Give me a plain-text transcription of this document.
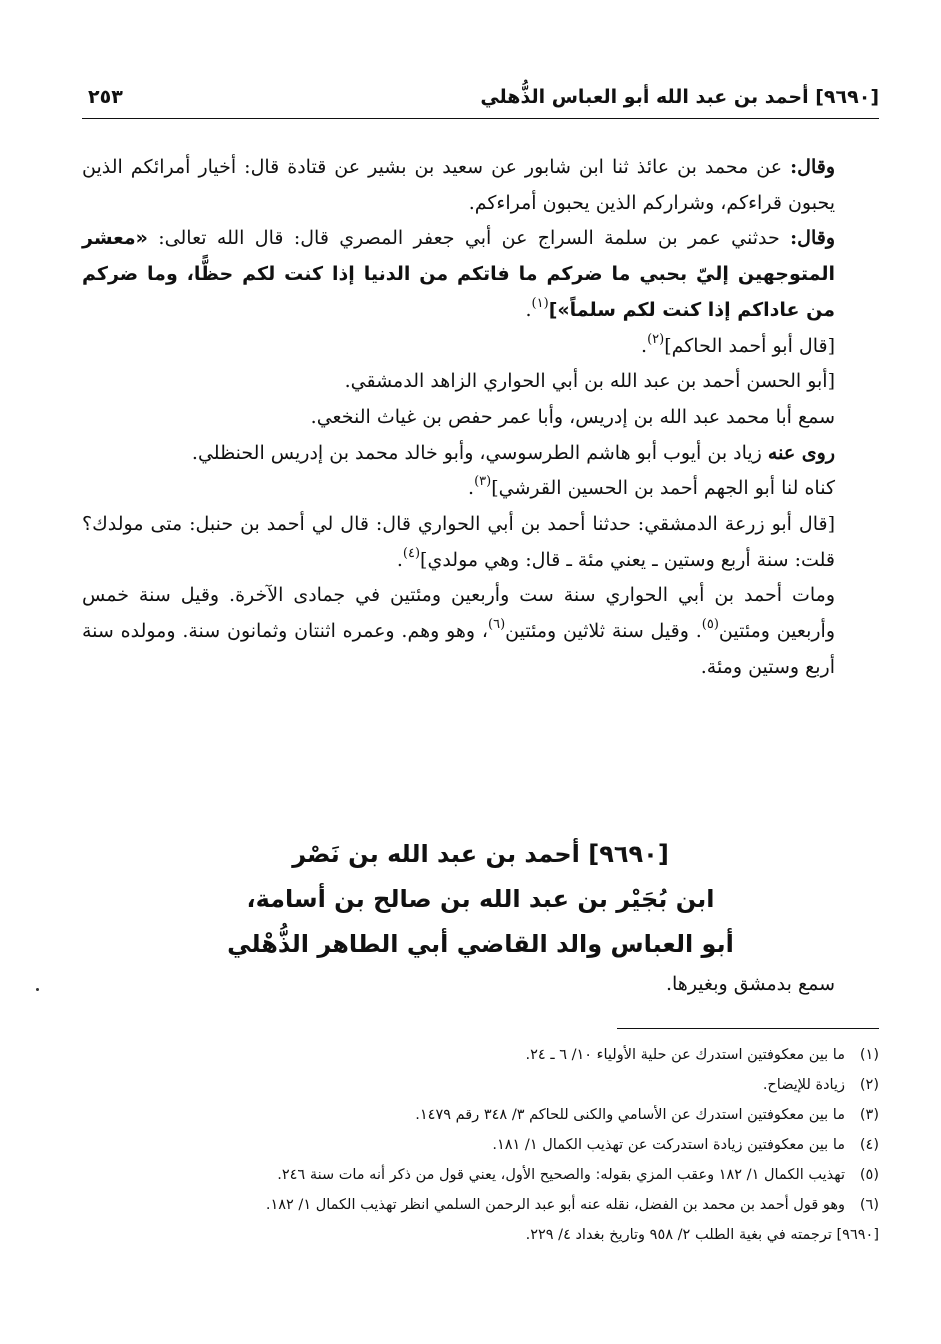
[٩٦٩٠] أحمد بن عبد الله أبو العباس الذُّهلي
٢٥٣

وقال: عن محمد بن عائذ ثنا ابن شابور عن سعيد بن بشير عن قتادة قال: أخيار أمرائكم الذين يحبون قراءكم، وشراركم الذين يحبون أمراءكم.

وقال: حدثني عمر بن سلمة السراج عن أبي جعفر المصري قال: قال الله تعالى: «معشر المتوجهين إليّ بحبي ما ضركم ما فاتكم من الدنيا إذا كنت لكم حظًّا، وما ضركم من عاداكم إذا كنت لكم سلماً»]$^{(١)}$.

[قال أبو أحمد الحاكم]$^{(٢)}$.

[أبو الحسن أحمد بن عبد الله بن أبي الحواري الزاهد الدمشقي.

سمع أبا محمد عبد الله بن إدريس، وأبا عمر حفص بن غياث النخعي.

روى عنه زياد بن أيوب أبو هاشم الطرسوسي، وأبو خالد محمد بن إدريس الحنظلي.

كناه لنا أبو الجهم أحمد بن الحسين القرشي]$^{(٣)}$.

[قال أبو زرعة الدمشقي: حدثنا أحمد بن أبي الحواري قال: قال لي أحمد بن حنبل: متى مولدك؟ قلت: سنة أربع وستين ـ يعني مئة ـ قال: وهي مولدي]$^{(٤)}$.

ومات أحمد بن أبي الحواري سنة ست وأربعين ومئتين في جمادى الآخرة. وقيل سنة خمس وأربعين ومئتين$^{(٥)}$. وقيل سنة ثلاثين ومئتين$^{(٦)}$، وهو وهم. وعمره اثنتان وثمانون سنة. ومولده سنة أربع وستين ومئة.

[٩٦٩٠] أحمد بن عبد الله بن نَصْر
ابن بُجَيْر بن عبد الله بن صالح بن أسامة،
أبو العباس والد القاضي أبي الطاهر الذُّهْلي

سمع بدمشق وبغيرها.

(١)ما بين معكوفتين استدرك عن حلية الأولياء ١٠/ ٦ ـ ٢٤.
(٢)زيادة للإيضاح.
(٣)ما بين معكوفتين استدرك عن الأسامي والكنى للحاكم ٣/ ٣٤٨ رقم ١٤٧٩.
(٤)ما بين معكوفتين زيادة استدركت عن تهذيب الكمال ١/ ١٨١.
(٥)تهذيب الكمال ١/ ١٨٢ وعقب المزي بقوله: والصحيح الأول، يعني قول من ذكر أنه مات سنة ٢٤٦.
(٦)وهو قول أحمد بن محمد بن الفضل، نقله عنه أبو عبد الرحمن السلمي انظر تهذيب الكمال ١/ ١٨٢.
[٩٦٩٠] ترجمته في بغية الطلب ٢/ ٩٥٨ وتاريخ بغداد ٤/ ٢٢٩.
